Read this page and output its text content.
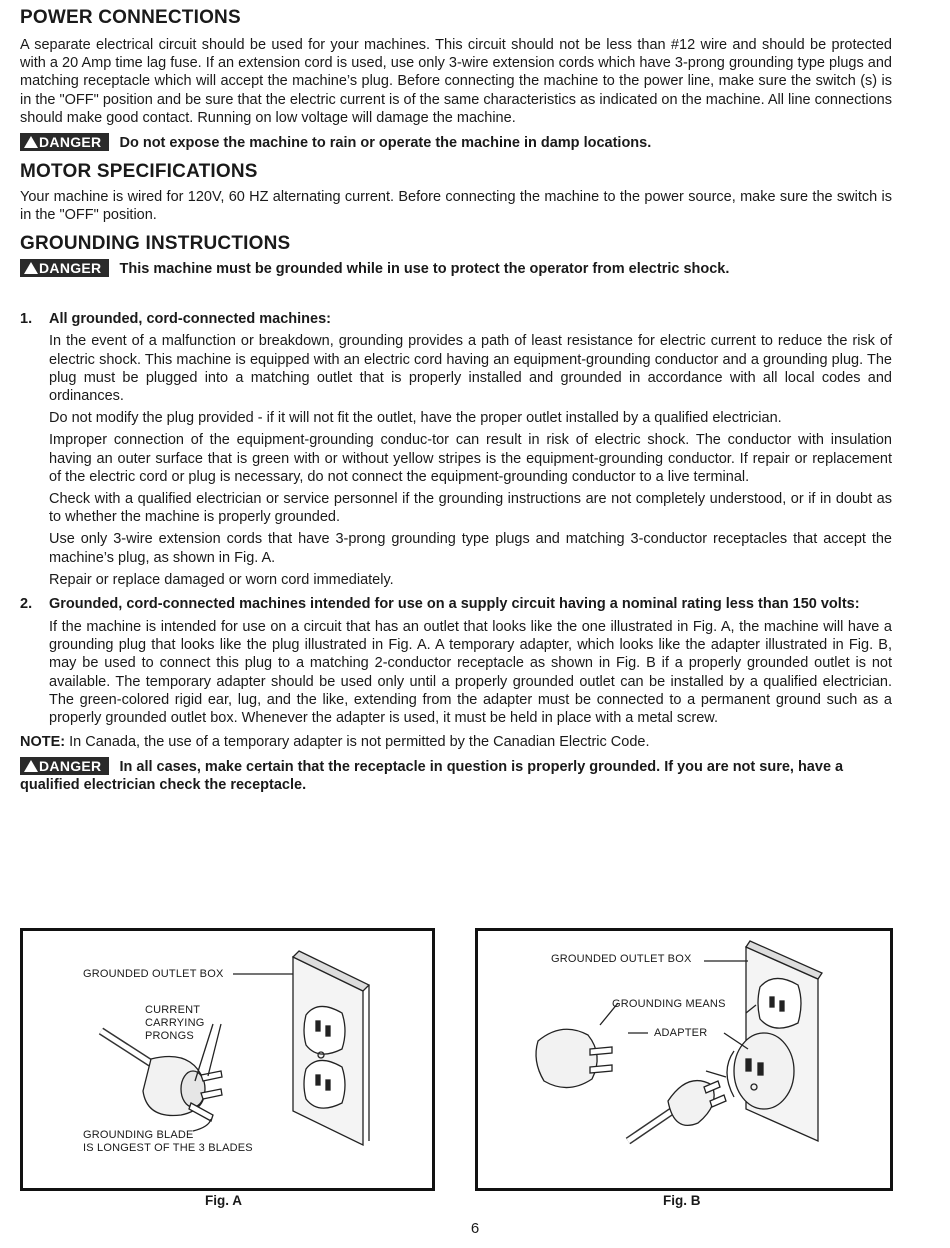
POWER CONNECTIONS

A separate electrical circuit should be used for your machines. This circuit should not be less than #12 wire and should be protected with a 20 Amp time lag fuse. If an extension cord is used, use only 3-wire extension cords which have 3-prong grounding type plugs and matching receptacle which will accept the machine’s plug. Before connecting the machine to the power line, make sure the switch (s) is in the "OFF" position and be sure that the electric current is of the same characteristics as indicated on the machine. All line connections should make good contact. Running on low voltage will damage the machine.

DANGER Do not expose the machine to rain or operate the machine in damp locations.
MOTOR SPECIFICATIONS

Your machine is wired for 120V, 60 HZ alternating current. Before connecting the machine to the power source, make sure the switch is in the "OFF" position.

GROUNDING INSTRUCTIONS
DANGER This machine must be grounded while in use to protect the operator from electric shock.
1. All grounded, cord-connected machines:

In the event of a malfunction or breakdown, grounding provides a path of least resistance for electric current to reduce the risk of electric shock. This machine is equipped with an electric cord having an equipment-grounding conductor and a grounding plug. The plug must be plugged into a matching outlet that is properly installed and grounded in accordance with all local codes and ordinances.

Do not modify the plug provided - if it will not fit the outlet, have the proper outlet installed by a qualified electrician.

Improper connection of the equipment-grounding conduc-tor can result in risk of electric shock. The conductor with insulation having an outer surface that is green with or without yellow stripes is the equipment-grounding conductor. If repair or replacement of the electric cord or plug is necessary, do not connect the equipment-grounding conductor to a live terminal.

Check with a qualified electrician or service personnel if the grounding instructions are not completely understood, or if in doubt as to whether the machine is properly grounded.

Use only 3-wire extension cords that have 3-prong grounding type plugs and matching 3-conductor receptacles that accept the machine’s plug, as shown in Fig. A.

Repair or replace damaged or worn cord immediately.

2.	Grounded, cord-connected machines intended for use on a supply circuit having a nominal rating less than 150 volts:

If the machine is intended for use on a circuit that has an outlet that looks like the one illustrated in Fig. A, the machine will have a grounding plug that looks like the plug illustrated in Fig. A. A temporary adapter, which looks like the adapter illustrated in Fig. B, may be used to connect this plug to a matching 2-conductor receptacle as shown in Fig. B if a properly grounded outlet is not available. The temporary adapter should be used only until a properly grounded outlet can be installed by a qualified electrician. The green-colored rigid ear, lug, and the like, extending from the adapter must be connected to a permanent ground such as a properly grounded outlet box. Whenever the adapter is used, it must be held in place with a metal screw.

NOTE: In Canada, the use of a temporary adapter is not permitted by the Canadian Electric Code.

DANGER In all cases, make certain that the receptacle in question is properly grounded. If you are not sure, have a qualified electrician check the receptacle.
GROUNDED OUTLET BOX
CURRENT
CARRYING
PRONGS
GROUNDING BLADE
IS LONGEST OF THE 3 BLADES
Fig. A
GROUNDED OUTLET BOX
GROUNDING MEANS
ADAPTER
Fig. B
6
